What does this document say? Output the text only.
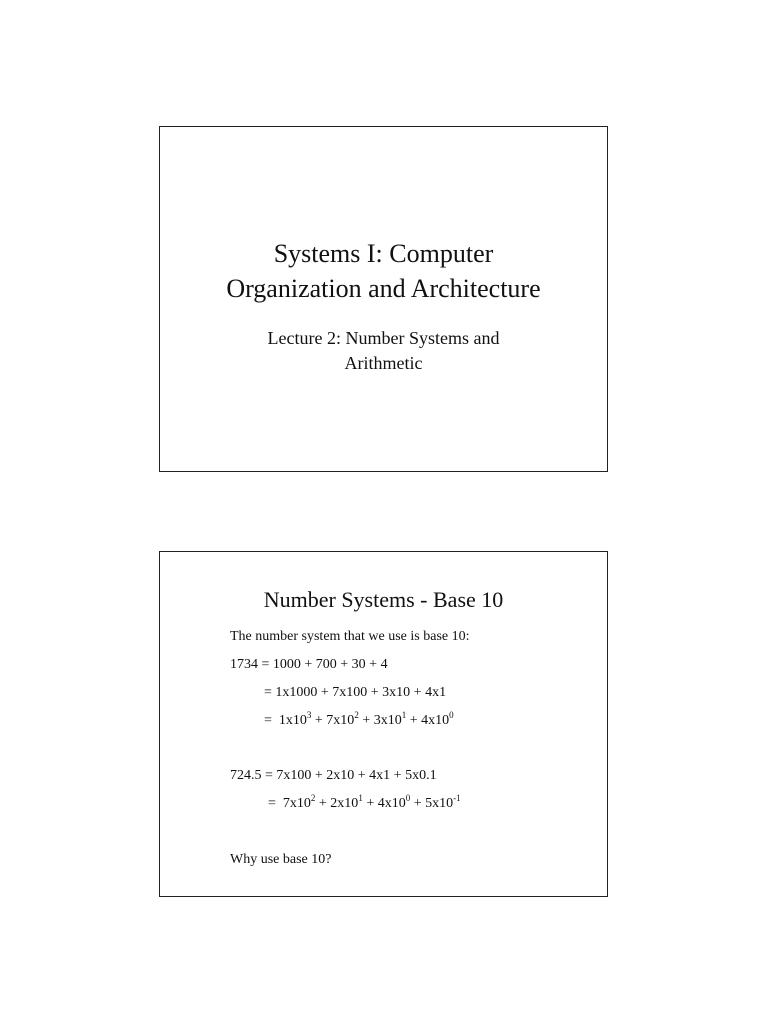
Systems I: Computer
Organization and Architecture
Lecture 2: Number Systems and
Arithmetic
Number Systems - Base 10
The number system that we use is base 10:
1734 = 1000 + 700 + 30 + 4
= 1x1000 + 7x100 + 3x10 + 4x1
= $1x10^3 + 7x10^2 + 3x10^1 + 4x10^0$
724.5 = 7x100 + 2x10 + 4x1 + 5x0.1
= $7x10^2 + 2x10^1 + 4x10^0 + 5x10^{-1}$
Why use base 10?
